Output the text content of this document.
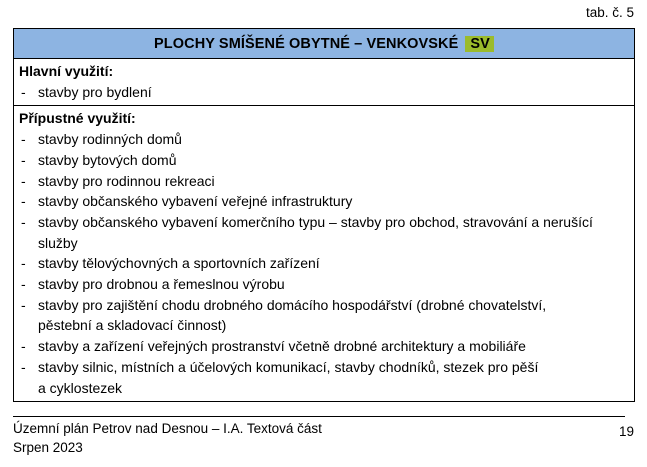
tab. č. 5
PLOCHY SMÍŠENÉ OBYTNÉ – VENKOVSKÉ SV
Hlavní využití:
- stavby pro bydlení
Přípustné využití:
- stavby rodinných domů
- stavby bytových domů
- stavby pro rodinnou rekreaci
- stavby občanského vybavení veřejné infrastruktury
- stavby občanského vybavení komerčního typu – stavby pro obchod, stravování a nerušící
služby
- stavby tělovýchovných a sportovních zařízení
- stavby pro drobnou a řemeslnou výrobu
- stavby pro zajištění chodu drobného domácího hospodářství (drobné chovatelství,
pěstební a skladovací činnost)
- stavby a zařízení veřejných prostranství včetně drobné architektury a mobiliáře
- stavby silnic, místních a účelových komunikací, stavby chodníků, stezek pro pěší
a cyklostezek
Územní plán Petrov nad Desnou – I.A. Textová část
Srpen 2023
19
